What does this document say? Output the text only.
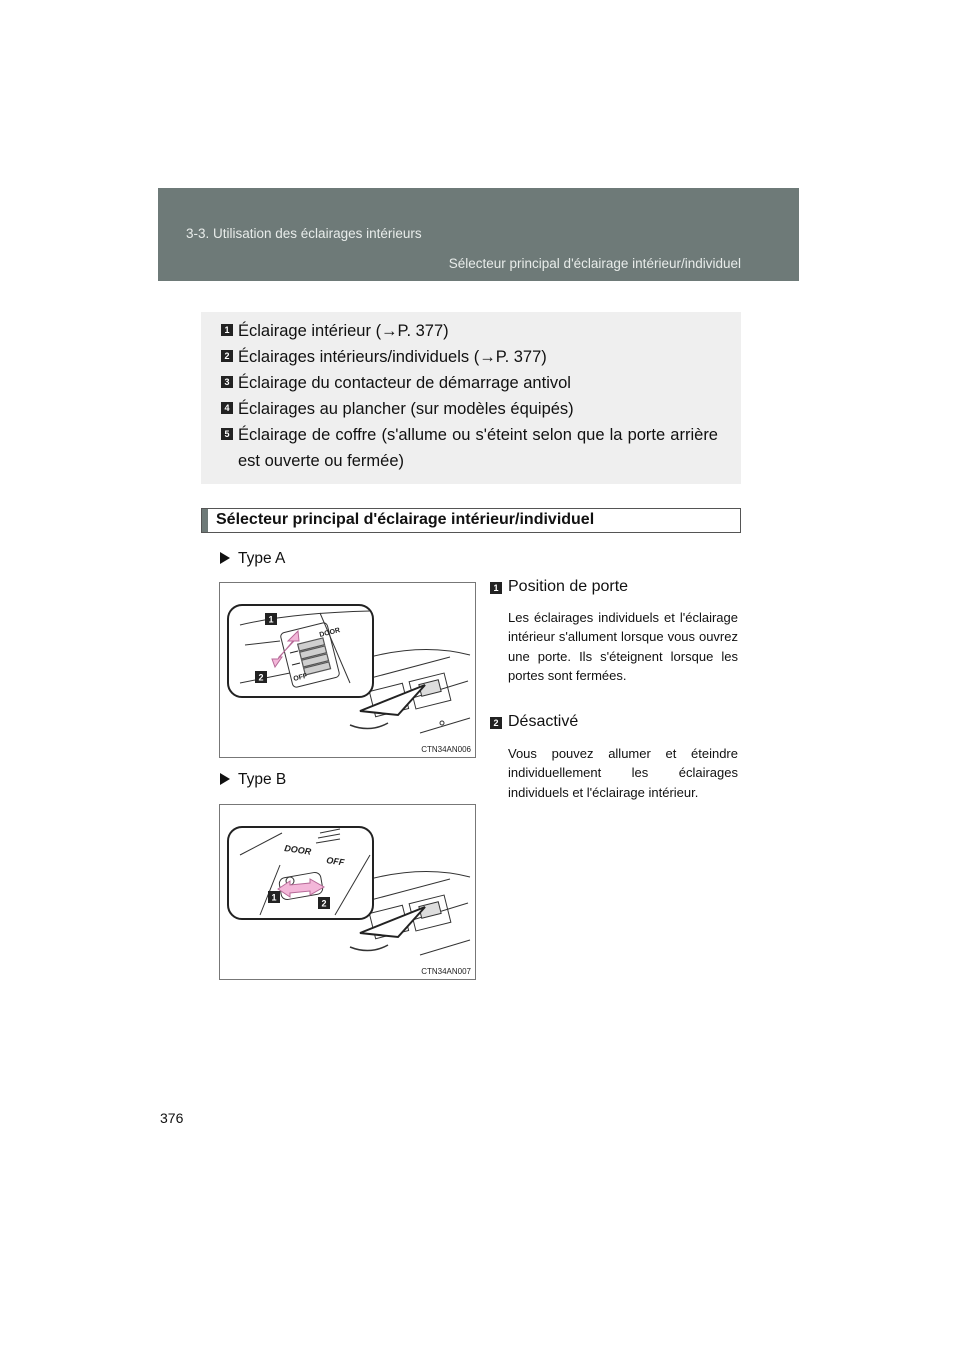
3-3. Utilisation des éclairages intérieurs
Sélecteur principal d'éclairage intérieur/individuel
1 Éclairage intérieur (→P. 377)
2 Éclairages intérieurs/individuels (→P. 377)
3 Éclairage du contacteur de démarrage antivol
4 Éclairages au plancher (sur modèles équipés)
5 Éclairage de coffre (s'allume ou s'éteint selon que la porte arrière est ouverte ou fermée)
Sélecteur principal d'éclairage intérieur/individuel
Type A
DOOR
OFF
1
2
CTN34AN006
Type B
DOOR
OFF
1
2
CTN34AN007
1 Position de porte
Les éclairages individuels et l'éclairage intérieur s'allument lorsque vous ouvrez une porte. Ils s'éteignent lorsque les portes sont fermées.
2 Désactivé
Vous pouvez allumer et éteindre individuellement les éclairages individuels et l'éclairage intérieur.
376
